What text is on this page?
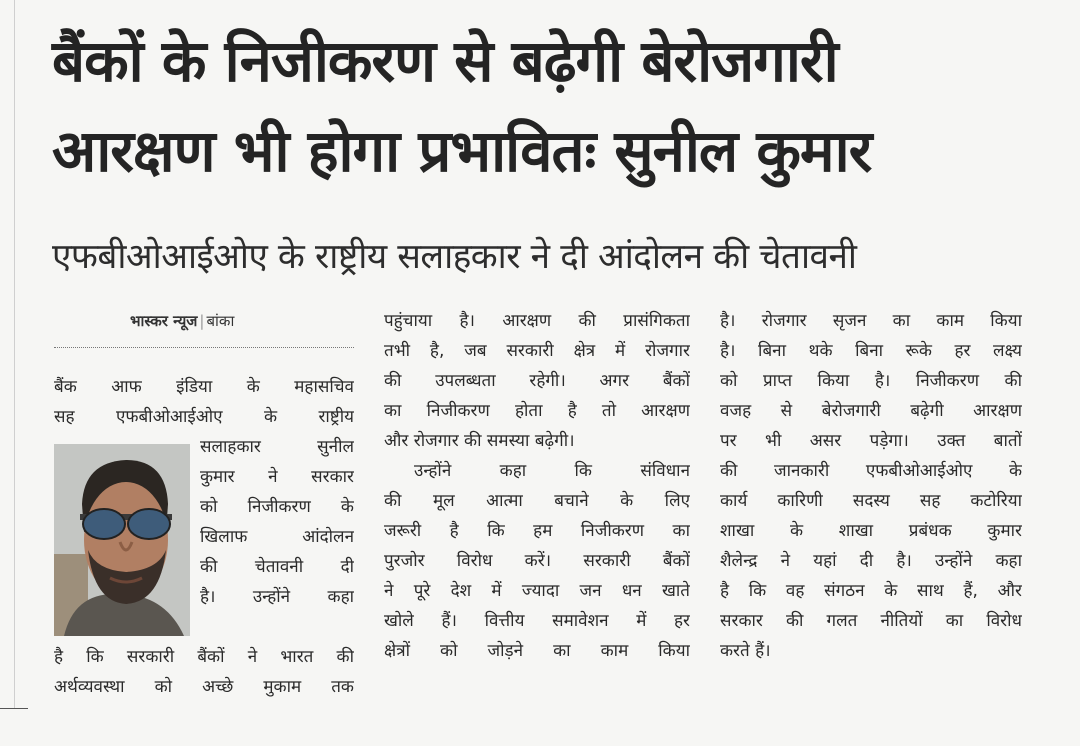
बैंकों के निजीकरण से बढ़ेगी बेरोजगारी
आरक्षण भी होगा प्रभावितः सुनील कुमार
एफबीओआईओए के राष्ट्रीय सलाहकार ने दी आंदोलन की चेतावनी
भास्कर न्यूज | बांका
बैंक आफ इंडिया के महासचिव
सह एफबीओआईओए के राष्ट्रीय
सलाहकार सुनील
कुमार ने सरकार
को निजीकरण के
खिलाफ आंदोलन
की चेतावनी दी
है। उन्होंने कहा
है कि सरकारी बैंकों ने भारत की
अर्थव्यवस्था को अच्छे मुकाम तक
पहुंचाया है। आरक्षण की प्रासंगिकता
तभी है, जब सरकारी क्षेत्र में रोजगार
की उपलब्धता रहेगी। अगर बैंकों
का निजीकरण होता है तो आरक्षण
और रोजगार की समस्या बढ़ेगी।
उन्होंने कहा कि संविधान
की मूल आत्मा बचाने के लिए
जरूरी है कि हम निजीकरण का
पुरजोर विरोध करें। सरकारी बैंकों
ने पूरे देश में ज्यादा जन धन खाते
खोले हैं। वित्तीय समावेशन में हर
क्षेत्रों को जोड़ने का काम किया
है। रोजगार सृजन का काम किया
है। बिना थके बिना रूके हर लक्ष्य
को प्राप्त किया है। निजीकरण की
वजह से बेरोजगारी बढ़ेगी आरक्षण
पर भी असर पड़ेगा। उक्त बातों
की जानकारी एफबीओआईओए के
कार्य कारिणी सदस्य सह कटोरिया
शाखा के शाखा प्रबंधक कुमार
शैलेन्द्र ने यहां दी है। उन्होंने कहा
है कि वह संगठन के साथ हैं, और
सरकार की गलत नीतियों का विरोध
करते हैं।
